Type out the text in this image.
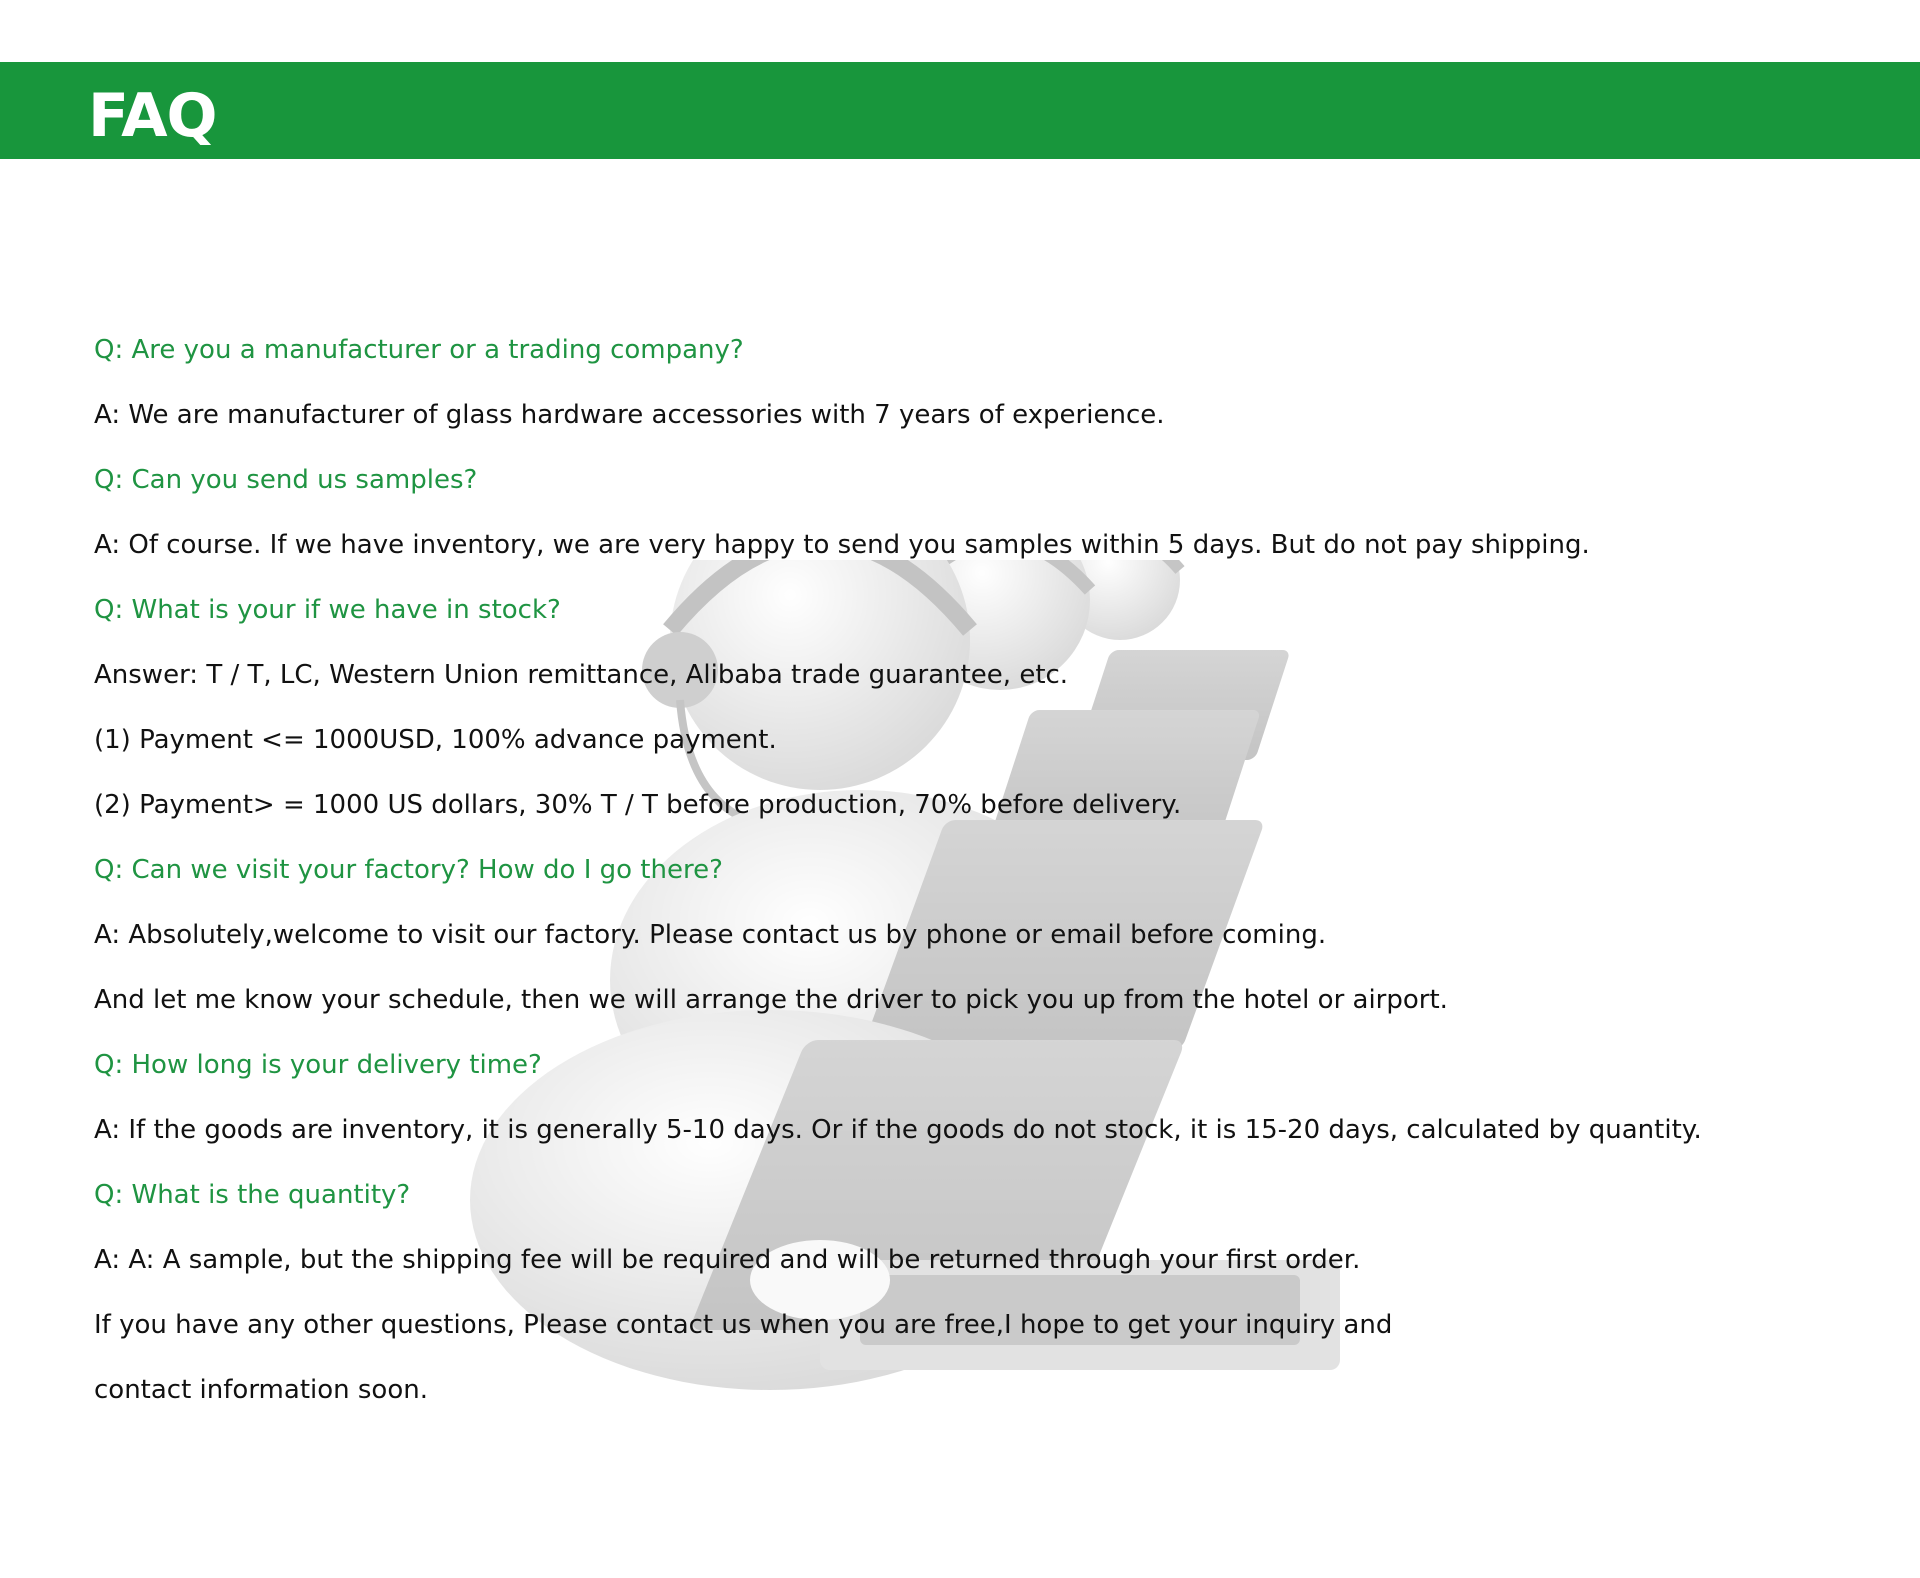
FAQ
Q: Are you a manufacturer or a trading company?
A: We are manufacturer of glass hardware accessories with 7 years of experience.
Q: Can you send us samples?
A: Of course. If we have inventory, we are very happy to send you samples within 5 days. But do not pay shipping.
Q: What is your if we have in stock?
Answer: T / T, LC, Western Union remittance, Alibaba trade guarantee, etc.
(1) Payment <= 1000USD, 100% advance payment.
(2) Payment> = 1000 US dollars, 30% T / T before production, 70% before delivery.
Q: Can we visit your factory? How do I go there?
A: Absolutely,welcome to visit our factory. Please contact us by phone or email before coming.
And let me know your schedule, then we will arrange the driver to pick you up from the hotel or airport.
Q: How long is your delivery time?
A: If the goods are inventory, it is generally 5-10 days. Or if the goods do not stock, it is 15-20 days, calculated by quantity.
Q: What is the quantity?
A: A: A sample, but the shipping fee will be required and will be returned through your first order.
If you have any other questions, Please contact us when you are free,I hope to get your inquiry and
contact information soon.
